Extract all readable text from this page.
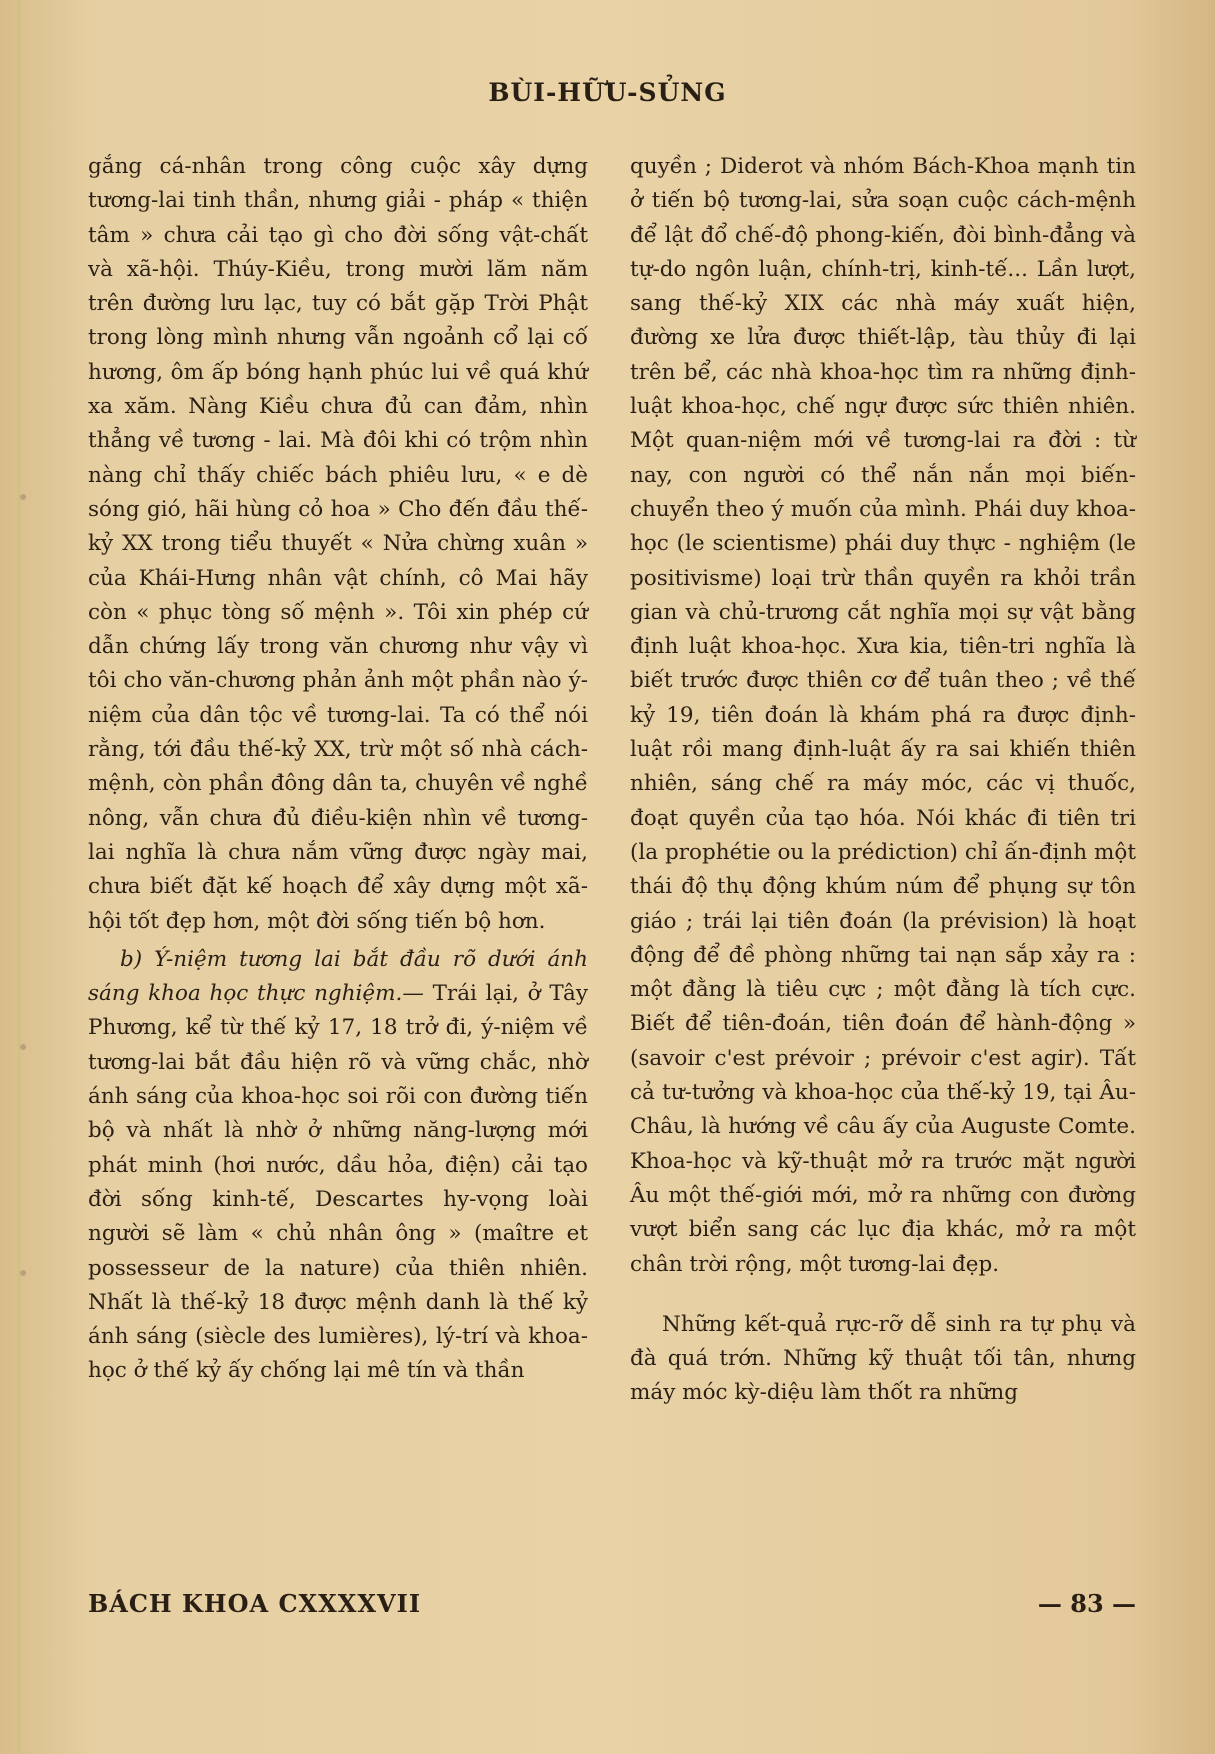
BÙI-HỮU-SỦNG

gắng cá-nhân trong công cuộc xây dựng tương-lai tinh thần, nhưng giải - pháp « thiện tâm » chưa cải tạo gì cho đời sống vật-chất và xã-hội. Thúy-Kiều, trong mười lăm năm trên đường lưu lạc, tuy có bắt gặp Trời Phật trong lòng mình nhưng vẫn ngoảnh cổ lại cố hương, ôm ấp bóng hạnh phúc lui về quá khứ xa xăm. Nàng Kiều chưa đủ can đảm, nhìn thẳng về tương - lai. Mà đôi khi có trộm nhìn nàng chỉ thấy chiếc bách phiêu lưu, « e dè sóng gió, hãi hùng cỏ hoa » Cho đến đầu thế-kỷ XX trong tiểu thuyết « Nửa chừng xuân » của Khái-Hưng nhân vật chính, cô Mai hãy còn « phục tòng số mệnh ». Tôi xin phép cứ dẫn chứng lấy trong văn chương như vậy vì tôi cho văn-chương phản ảnh một phần nào ý-niệm của dân tộc về tương-lai. Ta có thể nói rằng, tới đầu thế-kỷ XX, trừ một số nhà cách-mệnh, còn phần đông dân ta, chuyên về nghề nông, vẫn chưa đủ điều-kiện nhìn về tương-lai nghĩa là chưa nắm vững được ngày mai, chưa biết đặt kế hoạch để xây dựng một xã-hội tốt đẹp hơn, một đời sống tiến bộ hơn.

b) Ý-niệm tương lai bắt đầu rõ dưới ánh sáng khoa học thực nghiệm.— Trái lại, ở Tây Phương, kể từ thế kỷ 17, 18 trở đi, ý-niệm về tương-lai bắt đầu hiện rõ và vững chắc, nhờ ánh sáng của khoa-học soi rõi con đường tiến bộ và nhất là nhờ ở những năng-lượng mới phát minh (hơi nước, dầu hỏa, điện) cải tạo đời sống kinh-tế, Descartes hy-vọng loài người sẽ làm « chủ nhân ông » (maître et possesseur de la nature) của thiên nhiên. Nhất là thế-kỷ 18 được mệnh danh là thế kỷ ánh sáng (siècle des lumières), lý-trí và khoa-học ở thế kỷ ấy chống lại mê tín và thần

quyền ; Diderot và nhóm Bách-Khoa mạnh tin ở tiến bộ tương-lai, sửa soạn cuộc cách-mệnh để lật đổ chế-độ phong-kiến, đòi bình-đẳng và tự-do ngôn luận, chính-trị, kinh-tế... Lần lượt, sang thế-kỷ XIX các nhà máy xuất hiện, đường xe lửa được thiết-lập, tàu thủy đi lại trên bể, các nhà khoa-học tìm ra những định-luật khoa-học, chế ngự được sức thiên nhiên. Một quan-niệm mới về tương-lai ra đời : từ nay, con người có thể nắn nắn mọi biến-chuyển theo ý muốn của mình. Phái duy khoa-học (le scientisme) phái duy thực - nghiệm (le positivisme) loại trừ thần quyền ra khỏi trần gian và chủ-trương cắt nghĩa mọi sự vật bằng định luật khoa-học. Xưa kia, tiên-tri nghĩa là biết trước được thiên cơ để tuân theo ; về thế kỷ 19, tiên đoán là khám phá ra được định-luật rồi mang định-luật ấy ra sai khiến thiên nhiên, sáng chế ra máy móc, các vị thuốc, đoạt quyền của tạo hóa. Nói khác đi tiên tri (la prophétie ou la prédiction) chỉ ấn-định một thái độ thụ động khúm núm để phụng sự tôn giáo ; trái lại tiên đoán (la prévision) là hoạt động để đề phòng những tai nạn sắp xảy ra : một đằng là tiêu cực ; một đằng là tích cực. Biết để tiên-đoán, tiên đoán để hành-động » (savoir c'est prévoir ; prévoir c'est agir). Tất cả tư-tưởng và khoa-học của thế-kỷ 19, tại Âu-Châu, là hướng về câu ấy của Auguste Comte. Khoa-học và kỹ-thuật mở ra trước mặt người Âu một thế-giới mới, mở ra những con đường vượt biển sang các lục địa khác, mở ra một chân trời rộng, một tương-lai đẹp.

Những kết-quả rực-rỡ dễ sinh ra tự phụ và đà quá trớn. Những kỹ thuật tối tân, nhưng máy móc kỳ-diệu làm thốt ra những

BÁCH KHOA CXXXXVII	— 83 —
